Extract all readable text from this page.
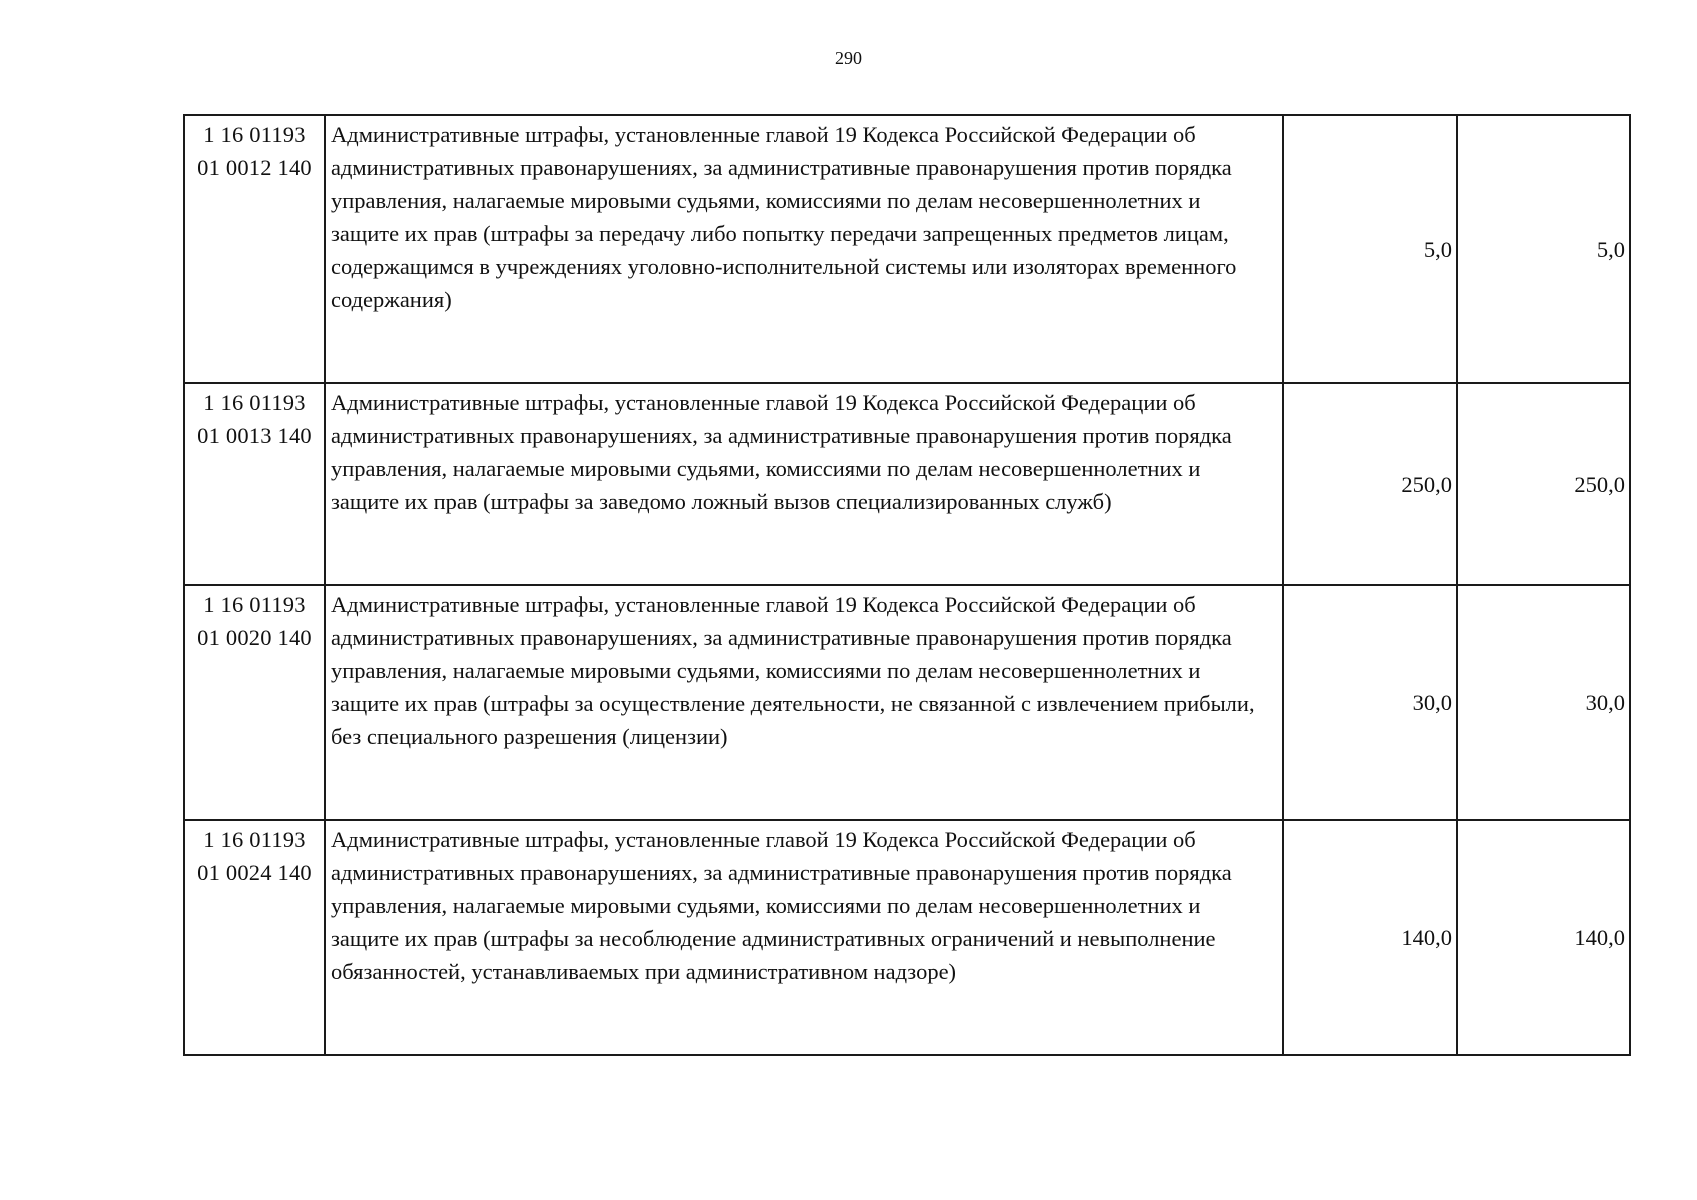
290
1 16 01193
01 0012 140	Административные штрафы, установленные главой 19 Кодекса Российской Федерации об административных правонарушениях, за административные правонарушения против порядка управления, налагаемые мировыми судьями, комиссиями по делам несовершеннолетних и защите их прав (штрафы за передачу либо попытку передачи запрещенных предметов лицам, содержащимся в учреждениях уголовно-исполнительной системы или изоляторах временного содержания)	5,0	5,0

1 16 01193
01 0013 140	Административные штрафы, установленные главой 19 Кодекса Российской Федерации об административных правонарушениях, за административные правонарушения против порядка управления, налагаемые мировыми судьями, комиссиями по делам несовершеннолетних и защите их прав (штрафы за заведомо ложный вызов специализированных служб)	250,0	250,0

1 16 01193
01 0020 140	Административные штрафы, установленные главой 19 Кодекса Российской Федерации об административных правонарушениях, за административные правонарушения против порядка управления, налагаемые мировыми судьями, комиссиями по делам несовершеннолетних и защите их прав (штрафы за осуществление деятельности, не связанной с извлечением прибыли, без специального разрешения (лицензии)	30,0	30,0

1 16 01193
01 0024 140	Административные штрафы, установленные главой 19 Кодекса Российской Федерации об административных правонарушениях, за административные правонарушения против порядка управления, налагаемые мировыми судьями, комиссиями по делам несовершеннолетних и защите их прав (штрафы за несоблюдение административных ограничений и невыполнение обязанностей, устанавливаемых при административном надзоре)	140,0	140,0
